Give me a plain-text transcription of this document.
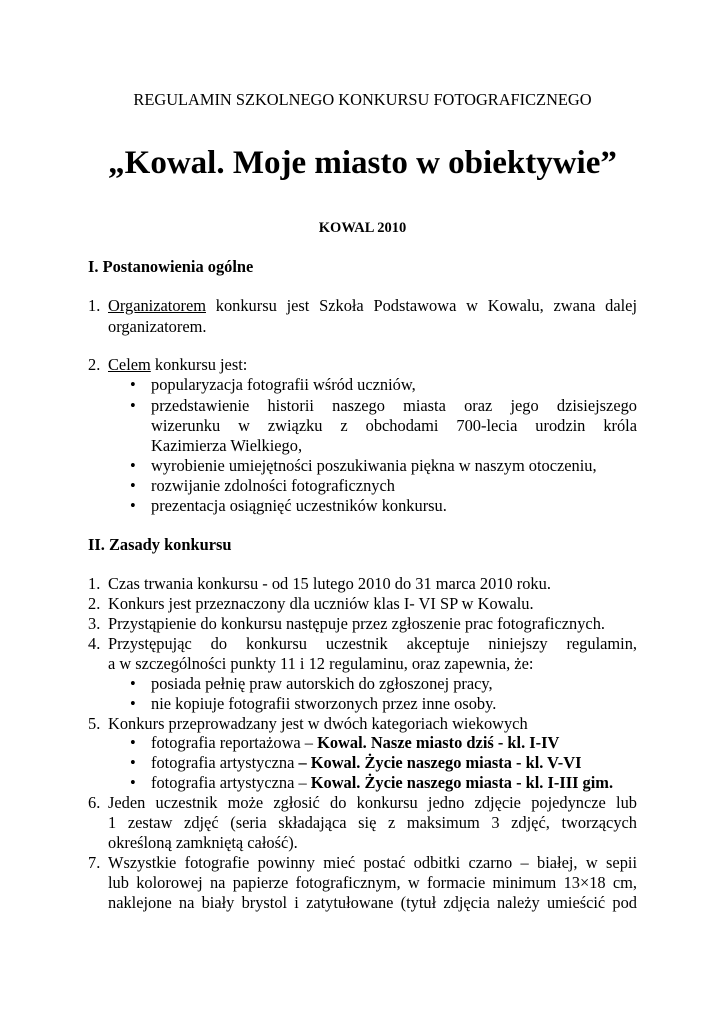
REGULAMIN SZKOLNEGO KONKURSU FOTOGRAFICZNEGO
„Kowal. Moje miasto w obiektywie”
KOWAL 2010
I. Postanowienia ogólne
1. Organizatorem konkursu jest Szkoła Podstawowa w Kowalu, zwana dalej
organizatorem.
2. Celem konkursu jest:
• popularyzacja fotografii wśród uczniów,
• przedstawienie historii naszego miasta oraz jego dzisiejszego
wizerunku w związku z obchodami 700-lecia urodzin króla
Kazimierza Wielkiego,
• wyrobienie umiejętności poszukiwania piękna w naszym otoczeniu,
• rozwijanie zdolności fotograficznych
• prezentacja osiągnięć uczestników konkursu.
II. Zasady konkursu
1. Czas trwania konkursu - od 15 lutego 2010 do 31 marca 2010 roku.
2. Konkurs jest przeznaczony dla uczniów klas I- VI SP w Kowalu.
3. Przystąpienie do konkursu następuje przez zgłoszenie prac fotograficznych.
4. Przystępując do konkursu uczestnik akceptuje niniejszy regulamin,
a w szczególności punkty 11 i 12 regulaminu, oraz zapewnia, że:
• posiada pełnię praw autorskich do zgłoszonej pracy,
• nie kopiuje fotografii stworzonych przez inne osoby.
5. Konkurs przeprowadzany jest w dwóch kategoriach wiekowych
• fotografia reportażowa – Kowal. Nasze miasto dziś - kl. I-IV
• fotografia artystyczna – Kowal. Życie naszego miasta - kl. V-VI
• fotografia artystyczna – Kowal. Życie naszego miasta - kl. I-III gim.
6. Jeden uczestnik może zgłosić do konkursu jedno zdjęcie pojedyncze lub
1 zestaw zdjęć (seria składająca się z maksimum 3 zdjęć, tworzących
określoną zamkniętą całość).
7. Wszystkie fotografie powinny mieć postać odbitki czarno – białej, w sepii
lub kolorowej na papierze fotograficznym, w formacie minimum 13×18 cm,
naklejone na biały brystol i zatytułowane (tytuł zdjęcia należy umieścić pod
